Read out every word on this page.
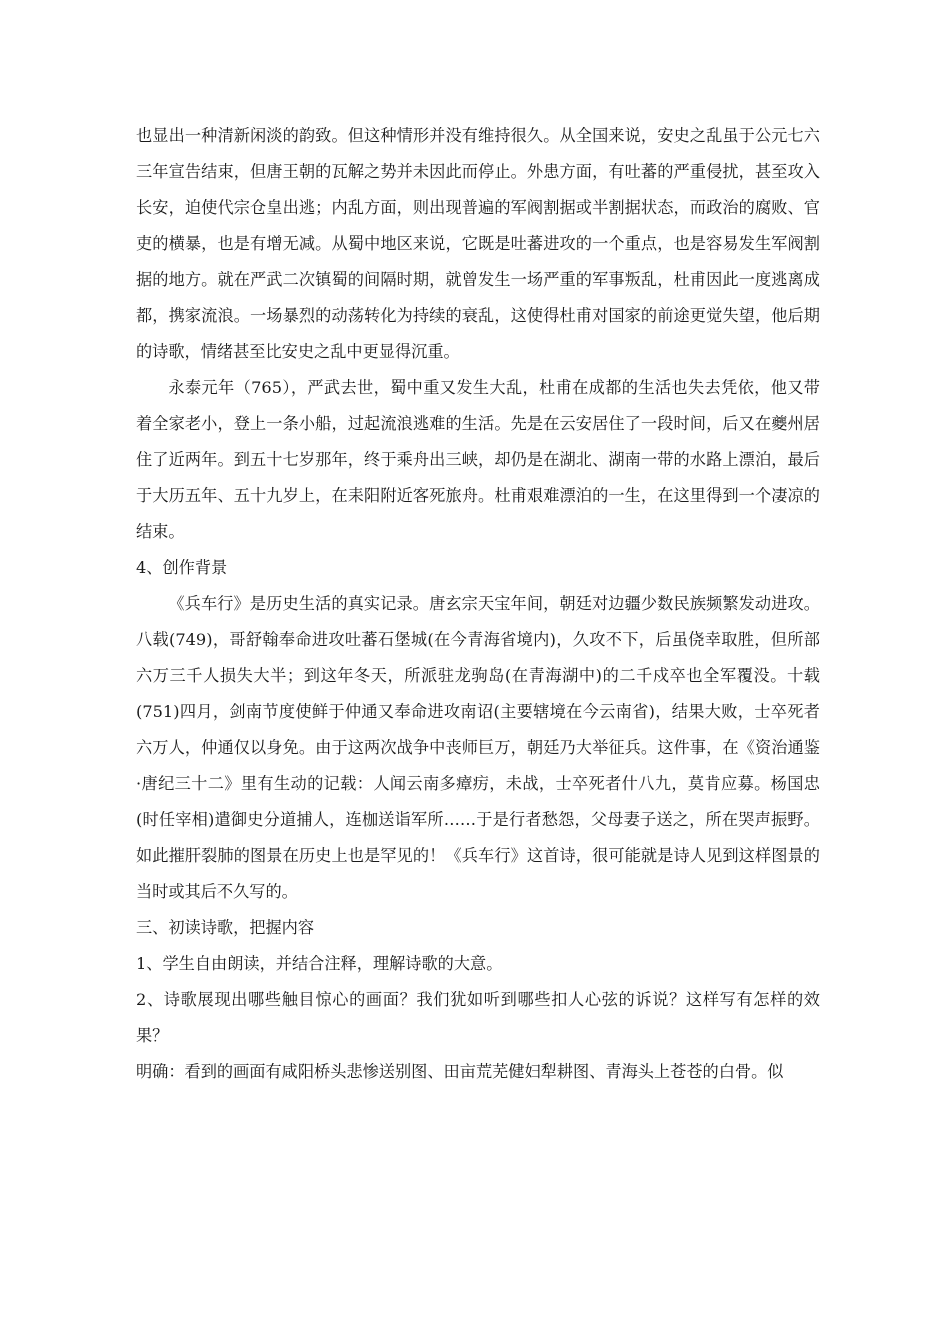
也显出一种清新闲淡的韵致。但这种情形并没有维持很久。从全国来说，安史之乱虽于公元七六三年宣告结束，但唐王朝的瓦解之势并未因此而停止。外患方面，有吐蕃的严重侵扰，甚至攻入长安，迫使代宗仓皇出逃；内乱方面，则出现普遍的军阀割据或半割据状态，而政治的腐败、官吏的横暴，也是有增无减。从蜀中地区来说，它既是吐蕃进攻的一个重点，也是容易发生军阀割据的地方。就在严武二次镇蜀的间隔时期，就曾发生一场严重的军事叛乱，杜甫因此一度逃离成都，携家流浪。一场暴烈的动荡转化为持续的衰乱，这使得杜甫对国家的前途更觉失望，他后期的诗歌，情绪甚至比安史之乱中更显得沉重。

永泰元年（765），严武去世，蜀中重又发生大乱，杜甫在成都的生活也失去凭依，他又带着全家老小，登上一条小船，过起流浪逃难的生活。先是在云安居住了一段时间，后又在夔州居住了近两年。到五十七岁那年，终于乘舟出三峡，却仍是在湖北、湖南一带的水路上漂泊，最后于大历五年、五十九岁上，在耒阳附近客死旅舟。杜甫艰难漂泊的一生，在这里得到一个凄凉的结束。

4、创作背景

《兵车行》是历史生活的真实记录。唐玄宗天宝年间，朝廷对边疆少数民族频繁发动进攻。八载(749)，哥舒翰奉命进攻吐蕃石堡城(在今青海省境内)，久攻不下，后虽侥幸取胜，但所部六万三千人损失大半；到这年冬天，所派驻龙驹岛(在青海湖中)的二千戍卒也全军覆没。十载(751)四月，剑南节度使鲜于仲通又奉命进攻南诏(主要辖境在今云南省)，结果大败，士卒死者六万人，仲通仅以身免。由于这两次战争中丧师巨万，朝廷乃大举征兵。这件事，在《资治通鉴·唐纪三十二》里有生动的记载：人闻云南多瘴疠，未战，士卒死者什八九，莫肯应募。杨国忠(时任宰相)遣御史分道捕人，连枷送诣军所……于是行者愁怨，父母妻子送之，所在哭声振野。如此摧肝裂肺的图景在历史上也是罕见的！《兵车行》这首诗，很可能就是诗人见到这样图景的当时或其后不久写的。

三、初读诗歌，把握内容

1、学生自由朗读，并结合注释，理解诗歌的大意。

2、诗歌展现出哪些触目惊心的画面？我们犹如听到哪些扣人心弦的诉说？这样写有怎样的效果？

明确：看到的画面有咸阳桥头悲惨送别图、田亩荒芜健妇犁耕图、青海头上苍苍的白骨。似
